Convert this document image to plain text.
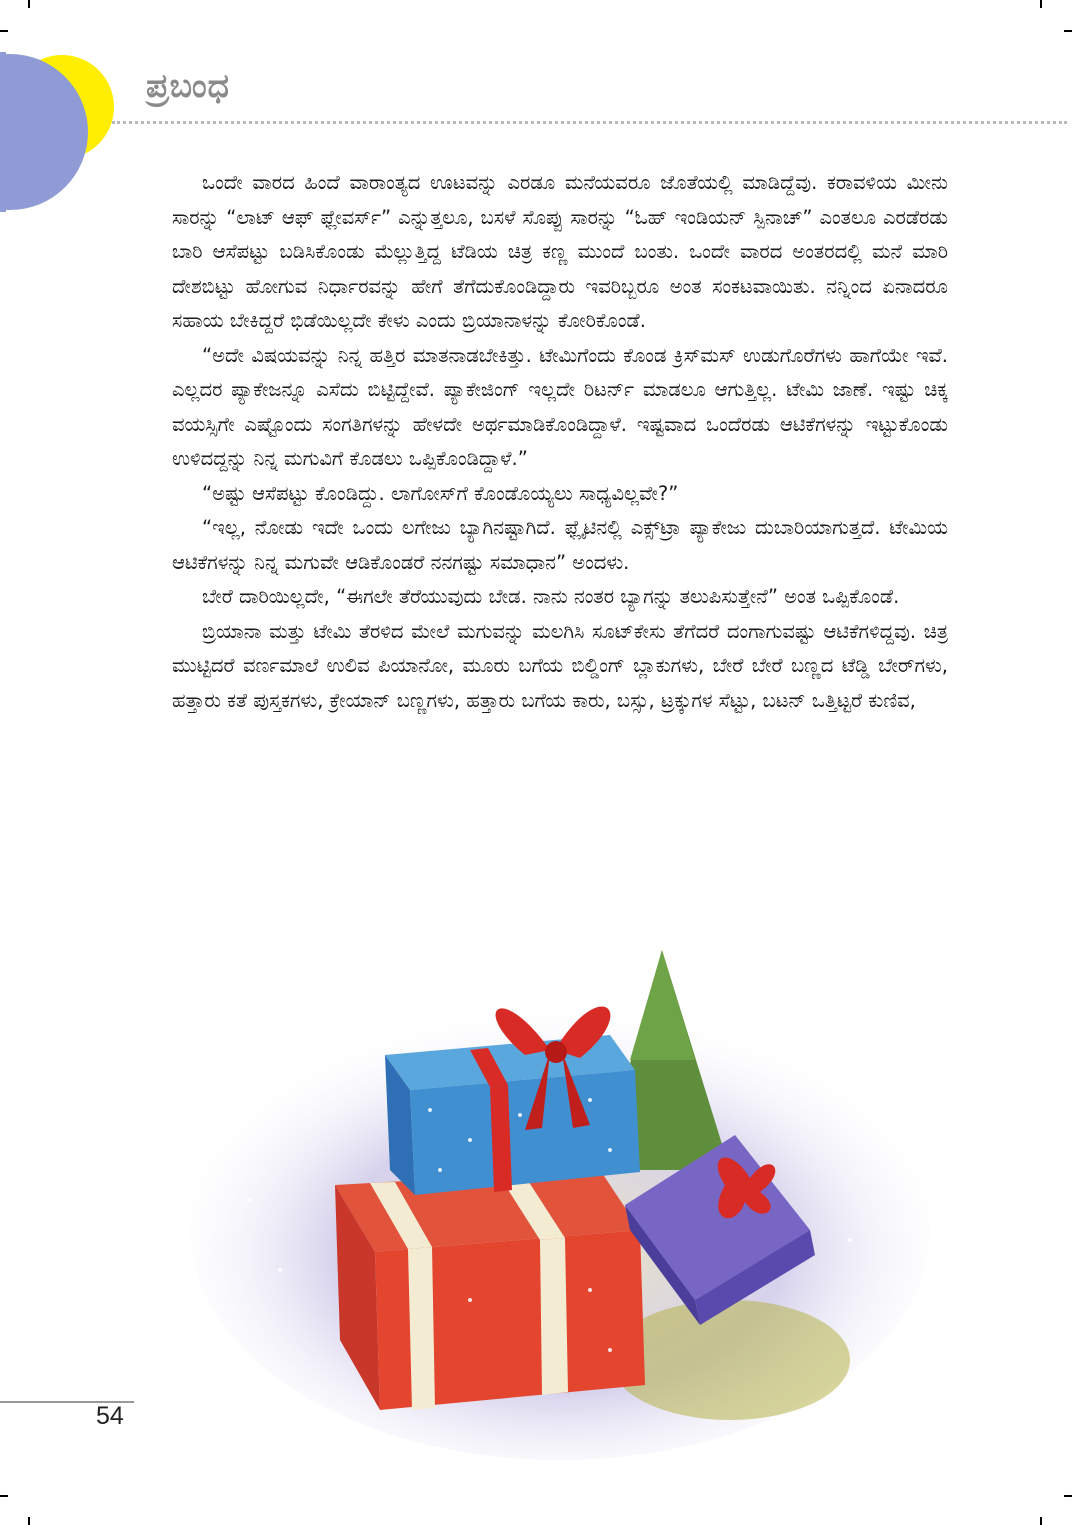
ಪ್ರಬಂಧ

ಒಂದೇ ವಾರದ ಹಿಂದೆ ವಾರಾಂತ್ಯದ ಊಟವನ್ನು ಎರಡೂ ಮನೆಯವರೂ ಜೊತೆಯಲ್ಲಿ ಮಾಡಿದ್ದೆವು. ಕರಾವಳಿಯ ಮೀನು ಸಾರನ್ನು “ಲಾಟ್ ಆಫ್ ಫ್ಲೇವರ್ಸ್” ಎನ್ನುತ್ತಲೂ, ಬಸಳೆ ಸೊಪ್ಪು ಸಾರನ್ನು “ಓಹ್ ಇಂಡಿಯನ್ ಸ್ಪಿನಾಚ್” ಎಂತಲೂ ಎರಡೆರಡು ಬಾರಿ ಆಸೆಪಟ್ಟು ಬಡಿಸಿಕೊಂಡು ಮೆಲ್ಲುತ್ತಿದ್ದ ಟೆಡಿಯ ಚಿತ್ರ ಕಣ್ಣ ಮುಂದೆ ಬಂತು. ಒಂದೇ ವಾರದ ಅಂತರದಲ್ಲಿ ಮನೆ ಮಾರಿ ದೇಶಬಿಟ್ಟು ಹೋಗುವ ನಿರ್ಧಾರವನ್ನು ಹೇಗೆ ತೆಗೆದುಕೊಂಡಿದ್ದಾರು ಇವರಿಬ್ಬರೂ ಅಂತ ಸಂಕಟವಾಯಿತು. ನನ್ನಿಂದ ಏನಾದರೂ ಸಹಾಯ ಬೇಕಿದ್ದರೆ ಭಿಡೆಯಿಲ್ಲದೇ ಕೇಳು ಎಂದು ಬ್ರಿಯಾನಾಳನ್ನು ಕೋರಿಕೊಂಡೆ.

“ಅದೇ ವಿಷಯವನ್ನು ನಿನ್ನ ಹತ್ತಿರ ಮಾತನಾಡಬೇಕಿತ್ತು. ಟೇಮಿಗೆಂದು ಕೊಂಡ ಕ್ರಿಸ್‌ಮಸ್ ಉಡುಗೊರೆಗಳು ಹಾಗೆಯೇ ಇವೆ. ಎಲ್ಲದರ ಪ್ಯಾಕೇಜನ್ನೂ ಎಸೆದು ಬಿಟ್ಟಿದ್ದೇವೆ. ಪ್ಯಾಕೇಜಿಂಗ್ ಇಲ್ಲದೇ ರಿಟರ್ನ್ ಮಾಡಲೂ ಆಗುತ್ತಿಲ್ಲ. ಟೇಮಿ ಜಾಣೆ. ಇಷ್ಟು ಚಿಕ್ಕ ವಯಸ್ಸಿಗೇ ಎಷ್ಟೊಂದು ಸಂಗತಿಗಳನ್ನು ಹೇಳದೇ ಅರ್ಥಮಾಡಿಕೊಂಡಿದ್ದಾಳೆ. ಇಷ್ಟವಾದ ಒಂದೆರಡು ಆಟಿಕೆಗಳನ್ನು ಇಟ್ಟುಕೊಂಡು ಉಳಿದದ್ದನ್ನು ನಿನ್ನ ಮಗುವಿಗೆ ಕೊಡಲು ಒಪ್ಪಿಕೊಂಡಿದ್ದಾಳೆ.”

“ಅಷ್ಟು ಆಸೆಪಟ್ಟು ಕೊಂಡಿದ್ದು. ಲಾಗೋಸ್‌ಗೆ ಕೊಂಡೊಯ್ಯಲು ಸಾಧ್ಯವಿಲ್ಲವೇ?”

“ಇಲ್ಲ, ನೋಡು ಇದೇ ಒಂದು ಲಗೇಜು ಬ್ಯಾಗಿನಷ್ಟಾಗಿದೆ. ಫ್ಲೈಟಿನಲ್ಲಿ ಎಕ್ಸ್‌ಟ್ರಾ ಪ್ಯಾಕೇಜು ದುಬಾರಿಯಾಗುತ್ತದೆ. ಟೇಮಿಯ ಆಟಿಕೆಗಳನ್ನು ನಿನ್ನ ಮಗುವೇ ಆಡಿಕೊಂಡರೆ ನನಗಷ್ಟು ಸಮಾಧಾನ” ಅಂದಳು.

ಬೇರೆ ದಾರಿಯಿಲ್ಲದೇ, “ಈಗಲೇ ತೆರೆಯುವುದು ಬೇಡ. ನಾನು ನಂತರ ಬ್ಯಾಗನ್ನು ತಲುಪಿಸುತ್ತೇನೆ” ಅಂತ ಒಪ್ಪಿಕೊಂಡೆ.

ಬ್ರಿಯಾನಾ ಮತ್ತು ಟೇಮಿ ತೆರಳಿದ ಮೇಲೆ ಮಗುವನ್ನು ಮಲಗಿಸಿ ಸೂಟ್‌ಕೇಸು ತೆಗೆದರೆ ದಂಗಾಗುವಷ್ಟು ಆಟಿಕೆಗಳಿದ್ದವು. ಚಿತ್ರ ಮುಟ್ಟಿದರೆ ವರ್ಣಮಾಲೆ ಉಲಿವ ಪಿಯಾನೋ, ಮೂರು ಬಗೆಯ ಬಿಲ್ಡಿಂಗ್ ಬ್ಲಾಕುಗಳು, ಬೇರೆ ಬೇರೆ ಬಣ್ಣದ ಟೆಡ್ಡಿ ಬೇರ್‌ಗಳು, ಹತ್ತಾರು ಕತೆ ಪುಸ್ತಕಗಳು, ಕ್ರೇಯಾನ್ ಬಣ್ಣಗಳು, ಹತ್ತಾರು ಬಗೆಯ ಕಾರು, ಬಸ್ಸು, ಟ್ರಕ್ಕುಗಳ ಸೆಟ್ಟು, ಬಟನ್ ಒತ್ತಿಟ್ಟರೆ ಕುಣಿವ,

54
